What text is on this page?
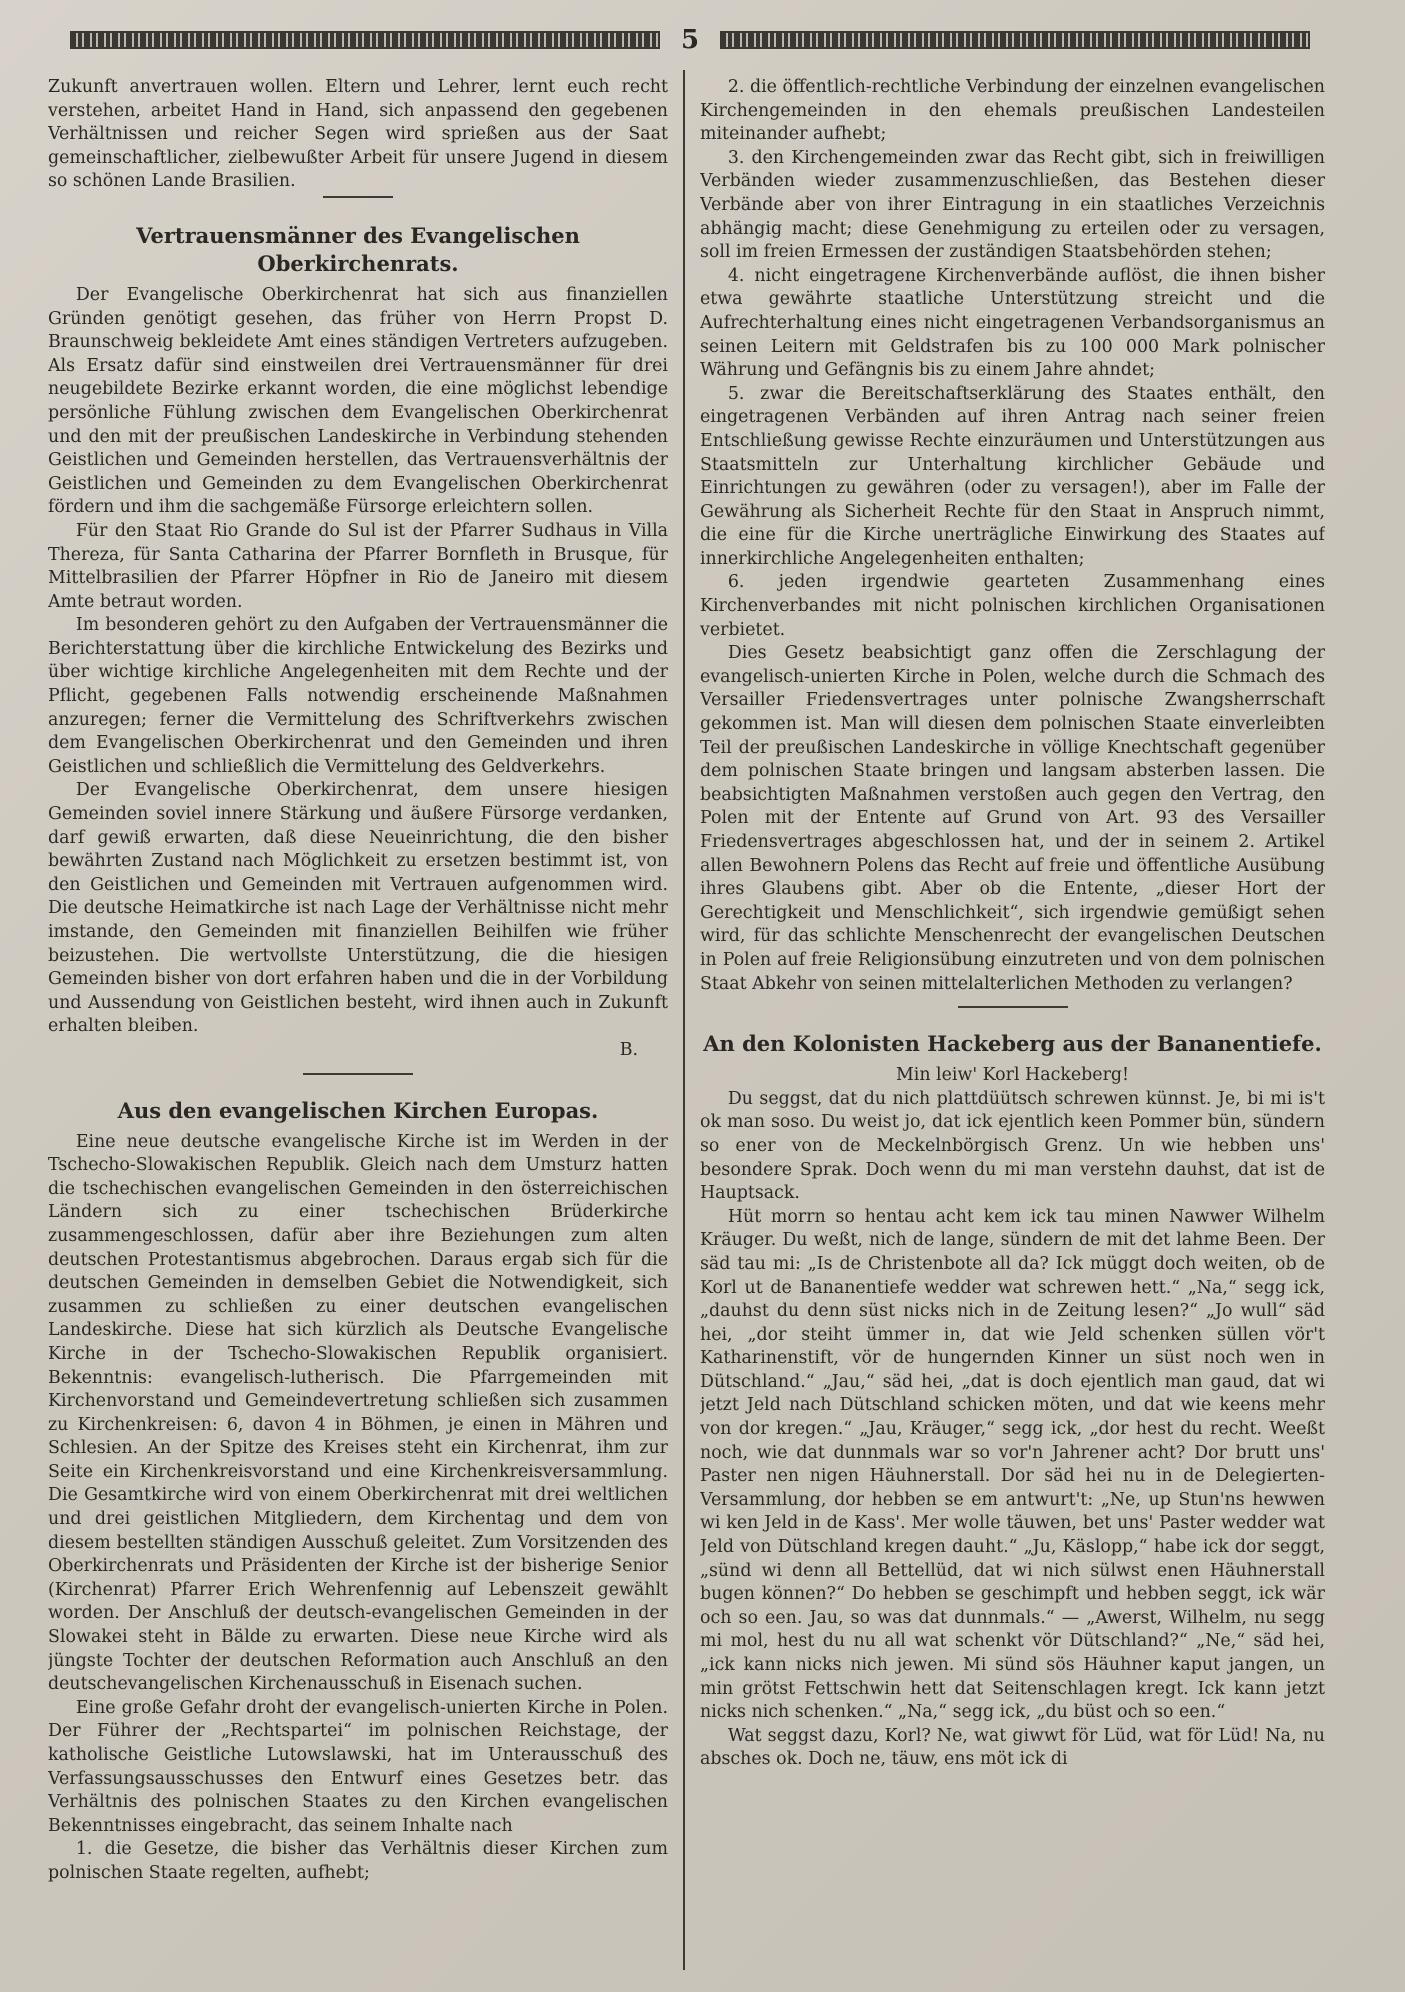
5

Zukunft anvertrauen wollen. Eltern und Lehrer, lernt euch recht verstehen, arbeitet Hand in Hand, sich anpassend den gegebenen Verhältnissen und reicher Segen wird sprießen aus der Saat gemeinschaftlicher, zielbewußter Arbeit für unsere Jugend in diesem so schönen Lande Brasilien.

Vertrauensmänner des Evangelischen Oberkirchenrats.

Der Evangelische Oberkirchenrat hat sich aus finanziellen Gründen genötigt gesehen, das früher von Herrn Propst D. Braunschweig bekleidete Amt eines ständigen Vertreters aufzugeben. Als Ersatz dafür sind einstweilen drei Vertrauensmänner für drei neugebildete Bezirke erkannt worden, die eine möglichst lebendige persönliche Fühlung zwischen dem Evangelischen Oberkirchenrat und den mit der preußischen Landeskirche in Verbindung stehenden Geistlichen und Gemeinden herstellen, das Vertrauensverhältnis der Geistlichen und Gemeinden zu dem Evangelischen Oberkirchenrat fördern und ihm die sachgemäße Fürsorge erleichtern sollen.

Für den Staat Rio Grande do Sul ist der Pfarrer Sudhaus in Villa Thereza, für Santa Catharina der Pfarrer Bornfleth in Brusque, für Mittelbrasilien der Pfarrer Höpfner in Rio de Janeiro mit diesem Amte betraut worden.

Im besonderen gehört zu den Aufgaben der Vertrauensmänner die Berichterstattung über die kirchliche Entwickelung des Bezirks und über wichtige kirchliche Angelegenheiten mit dem Rechte und der Pflicht, gegebenen Falls notwendig erscheinende Maßnahmen anzuregen; ferner die Vermittelung des Schriftverkehrs zwischen dem Evangelischen Oberkirchenrat und den Gemeinden und ihren Geistlichen und schließlich die Vermittelung des Geldverkehrs.

Der Evangelische Oberkirchenrat, dem unsere hiesigen Gemeinden soviel innere Stärkung und äußere Fürsorge verdanken, darf gewiß erwarten, daß diese Neueinrichtung, die den bisher bewährten Zustand nach Möglichkeit zu ersetzen bestimmt ist, von den Geistlichen und Gemeinden mit Vertrauen aufgenommen wird. Die deutsche Heimatkirche ist nach Lage der Verhältnisse nicht mehr imstande, den Gemeinden mit finanziellen Beihilfen wie früher beizustehen. Die wertvollste Unterstützung, die die hiesigen Gemeinden bisher von dort erfahren haben und die in der Vorbildung und Aussendung von Geistlichen besteht, wird ihnen auch in Zukunft erhalten bleiben.

B.

Aus den evangelischen Kirchen Europas.

Eine neue deutsche evangelische Kirche ist im Werden in der Tschecho-Slowakischen Republik. Gleich nach dem Umsturz hatten die tschechischen evangelischen Gemeinden in den österreichischen Ländern sich zu einer tschechischen Brüderkirche zusammengeschlossen, dafür aber ihre Beziehungen zum alten deutschen Protestantismus abgebrochen. Daraus ergab sich für die deutschen Gemeinden in demselben Gebiet die Notwendigkeit, sich zusammen zu schließen zu einer deutschen evangelischen Landeskirche. Diese hat sich kürzlich als Deutsche Evangelische Kirche in der Tschecho-Slowakischen Republik organisiert. Bekenntnis: evangelisch-lutherisch. Die Pfarrgemeinden mit Kirchenvorstand und Gemeindevertretung schließen sich zusammen zu Kirchenkreisen: 6, davon 4 in Böhmen, je einen in Mähren und Schlesien. An der Spitze des Kreises steht ein Kirchenrat, ihm zur Seite ein Kirchenkreisvorstand und eine Kirchenkreisversammlung. Die Gesamtkirche wird von einem Oberkirchenrat mit drei weltlichen und drei geistlichen Mitgliedern, dem Kirchentag und dem von diesem bestellten ständigen Ausschuß geleitet. Zum Vorsitzenden des Oberkirchenrats und Präsidenten der Kirche ist der bisherige Senior (Kirchenrat) Pfarrer Erich Wehrenfennig auf Lebenszeit gewählt worden. Der Anschluß der deutsch-evangelischen Gemeinden in der Slowakei steht in Bälde zu erwarten. Diese neue Kirche wird als jüngste Tochter der deutschen Reformation auch Anschluß an den deutschevangelischen Kirchenausschuß in Eisenach suchen.

Eine große Gefahr droht der evangelisch-unierten Kirche in Polen. Der Führer der „Rechtspartei“ im polnischen Reichstage, der katholische Geistliche Lutowslawski, hat im Unterausschuß des Verfassungsausschusses den Entwurf eines Gesetzes betr. das Verhältnis des polnischen Staates zu den Kirchen evangelischen Bekenntnisses eingebracht, das seinem Inhalte nach

1. die Gesetze, die bisher das Verhältnis dieser Kirchen zum polnischen Staate regelten, aufhebt;

2. die öffentlich-rechtliche Verbindung der einzelnen evangelischen Kirchengemeinden in den ehemals preußischen Landesteilen miteinander aufhebt;

3. den Kirchengemeinden zwar das Recht gibt, sich in freiwilligen Verbänden wieder zusammenzuschließen, das Bestehen dieser Verbände aber von ihrer Eintragung in ein staatliches Verzeichnis abhängig macht; diese Genehmigung zu erteilen oder zu versagen, soll im freien Ermessen der zuständigen Staatsbehörden stehen;

4. nicht eingetragene Kirchenverbände auflöst, die ihnen bisher etwa gewährte staatliche Unterstützung streicht und die Aufrechterhaltung eines nicht eingetragenen Verbandsorganismus an seinen Leitern mit Geldstrafen bis zu 100 000 Mark polnischer Währung und Gefängnis bis zu einem Jahre ahndet;

5. zwar die Bereitschaftserklärung des Staates enthält, den eingetragenen Verbänden auf ihren Antrag nach seiner freien Entschließung gewisse Rechte einzuräumen und Unterstützungen aus Staatsmitteln zur Unterhaltung kirchlicher Gebäude und Einrichtungen zu gewähren (oder zu versagen!), aber im Falle der Gewährung als Sicherheit Rechte für den Staat in Anspruch nimmt, die eine für die Kirche unerträgliche Einwirkung des Staates auf innerkirchliche Angelegenheiten enthalten;

6. jeden irgendwie gearteten Zusammenhang eines Kirchenverbandes mit nicht polnischen kirchlichen Organisationen verbietet.

Dies Gesetz beabsichtigt ganz offen die Zerschlagung der evangelisch-unierten Kirche in Polen, welche durch die Schmach des Versailler Friedensvertrages unter polnische Zwangsherrschaft gekommen ist. Man will diesen dem polnischen Staate einverleibten Teil der preußischen Landeskirche in völlige Knechtschaft gegenüber dem polnischen Staate bringen und langsam absterben lassen. Die beabsichtigten Maßnahmen verstoßen auch gegen den Vertrag, den Polen mit der Entente auf Grund von Art. 93 des Versailler Friedensvertrages abgeschlossen hat, und der in seinem 2. Artikel allen Bewohnern Polens das Recht auf freie und öffentliche Ausübung ihres Glaubens gibt. Aber ob die Entente, „dieser Hort der Gerechtigkeit und Menschlichkeit“, sich irgendwie gemüßigt sehen wird, für das schlichte Menschenrecht der evangelischen Deutschen in Polen auf freie Religionsübung einzutreten und von dem polnischen Staat Abkehr von seinen mittelalterlichen Methoden zu verlangen?

An den Kolonisten Hackeberg aus der Bananentiefe.

Min leiw' Korl Hackeberg!

Du seggst, dat du nich plattdüütsch schrewen künnst. Je, bi mi is't ok man soso. Du weist jo, dat ick ejentlich keen Pommer bün, sündern so ener von de Meckelnbörgisch Grenz. Un wie hebben uns' besondere Sprak. Doch wenn du mi man verstehn dauhst, dat ist de Hauptsack.

Hüt morrn so hentau acht kem ick tau minen Nawwer Wilhelm Kräuger. Du weßt, nich de lange, sündern de mit det lahme Been. Der säd tau mi: „Is de Christenbote all da? Ick müggt doch weiten, ob de Korl ut de Bananentiefe wedder wat schrewen hett.“ „Na,“ segg ick, „dauhst du denn süst nicks nich in de Zeitung lesen?“ „Jo wull“ säd hei, „dor steiht ümmer in, dat wie Jeld schenken süllen vör't Katharinenstift, vör de hungernden Kinner un süst noch wen in Dütschland.“ „Jau,“ säd hei, „dat is doch ejentlich man gaud, dat wi jetzt Jeld nach Dütschland schicken möten, und dat wie keens mehr von dor kregen.“ „Jau, Kräuger,“ segg ick, „dor hest du recht. Weeßt noch, wie dat dunnmals war so vor'n Jahrener acht? Dor brutt uns' Paster nen nigen Häuhnerstall. Dor säd hei nu in de Delegierten-Versammlung, dor hebben se em antwurt't: „Ne, up Stun'ns hewwen wi ken Jeld in de Kass'. Mer wolle täuwen, bet uns' Paster wedder wat Jeld von Dütschland kregen dauht.“ „Ju, Käslopp,“ habe ick dor seggt, „sünd wi denn all Bettellüd, dat wi nich sülwst enen Häuhnerstall bugen können?“ Do hebben se geschimpft und hebben seggt, ick wär och so een. Jau, so was dat dunnmals.“ — „Awerst, Wilhelm, nu segg mi mol, hest du nu all wat schenkt vör Dütschland?“ „Ne,“ säd hei, „ick kann nicks nich jewen. Mi sünd sös Häuhner kaput jangen, un min grötst Fettschwin hett dat Seitenschlagen kregt. Ick kann jetzt nicks nich schenken.“ „Na,“ segg ick, „du büst och so een.“

Wat seggst dazu, Korl? Ne, wat giwwt för Lüd, wat för Lüd! Na, nu absches ok. Doch ne, täuw, ens möt ick di
